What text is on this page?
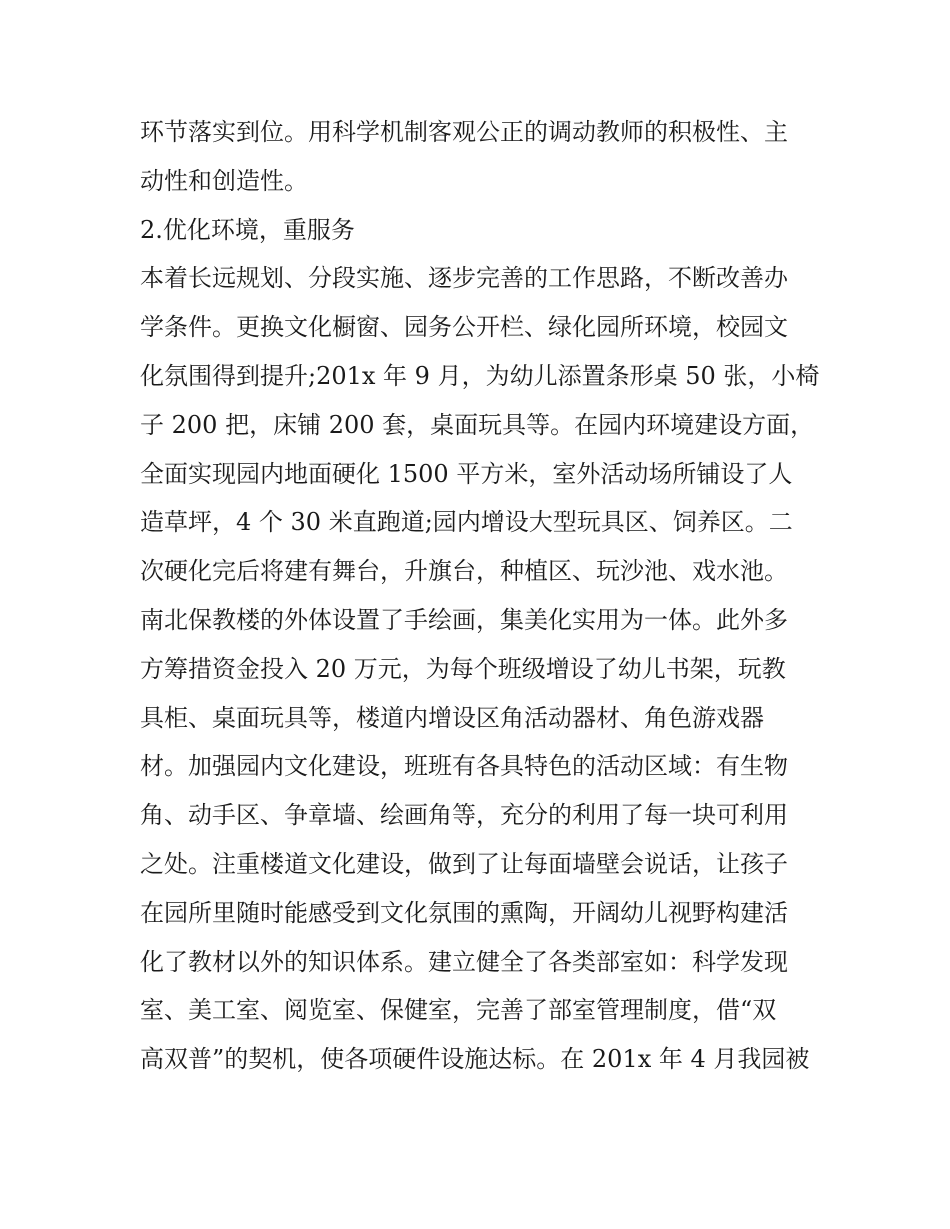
环节落实到位。用科学机制客观公正的调动教师的积极性、主
动性和创造性。
2.优化环境，重服务
本着长远规划、分段实施、逐步完善的工作思路，不断改善办
学条件。更换文化橱窗、园务公开栏、绿化园所环境，校园文
化氛围得到提升;201x 年 9 月，为幼儿添置条形桌 50 张，小椅
子 200 把，床铺 200 套，桌面玩具等。在园内环境建设方面，
全面实现园内地面硬化 1500 平方米，室外活动场所铺设了人
造草坪，4 个 30 米直跑道;园内增设大型玩具区、饲养区。二
次硬化完后将建有舞台，升旗台，种植区、玩沙池、戏水池。
南北保教楼的外体设置了手绘画，集美化实用为一体。此外多
方筹措资金投入 20 万元，为每个班级增设了幼儿书架，玩教
具柜、桌面玩具等，楼道内增设区角活动器材、角色游戏器
材。加强园内文化建设，班班有各具特色的活动区域：有生物
角、动手区、争章墙、绘画角等，充分的利用了每一块可利用
之处。注重楼道文化建设，做到了让每面墙壁会说话，让孩子
在园所里随时能感受到文化氛围的熏陶，开阔幼儿视野构建活
化了教材以外的知识体系。建立健全了各类部室如：科学发现
室、美工室、阅览室、保健室，完善了部室管理制度，借“双
高双普”的契机，使各项硬件设施达标。在 201x 年 4 月我园被
